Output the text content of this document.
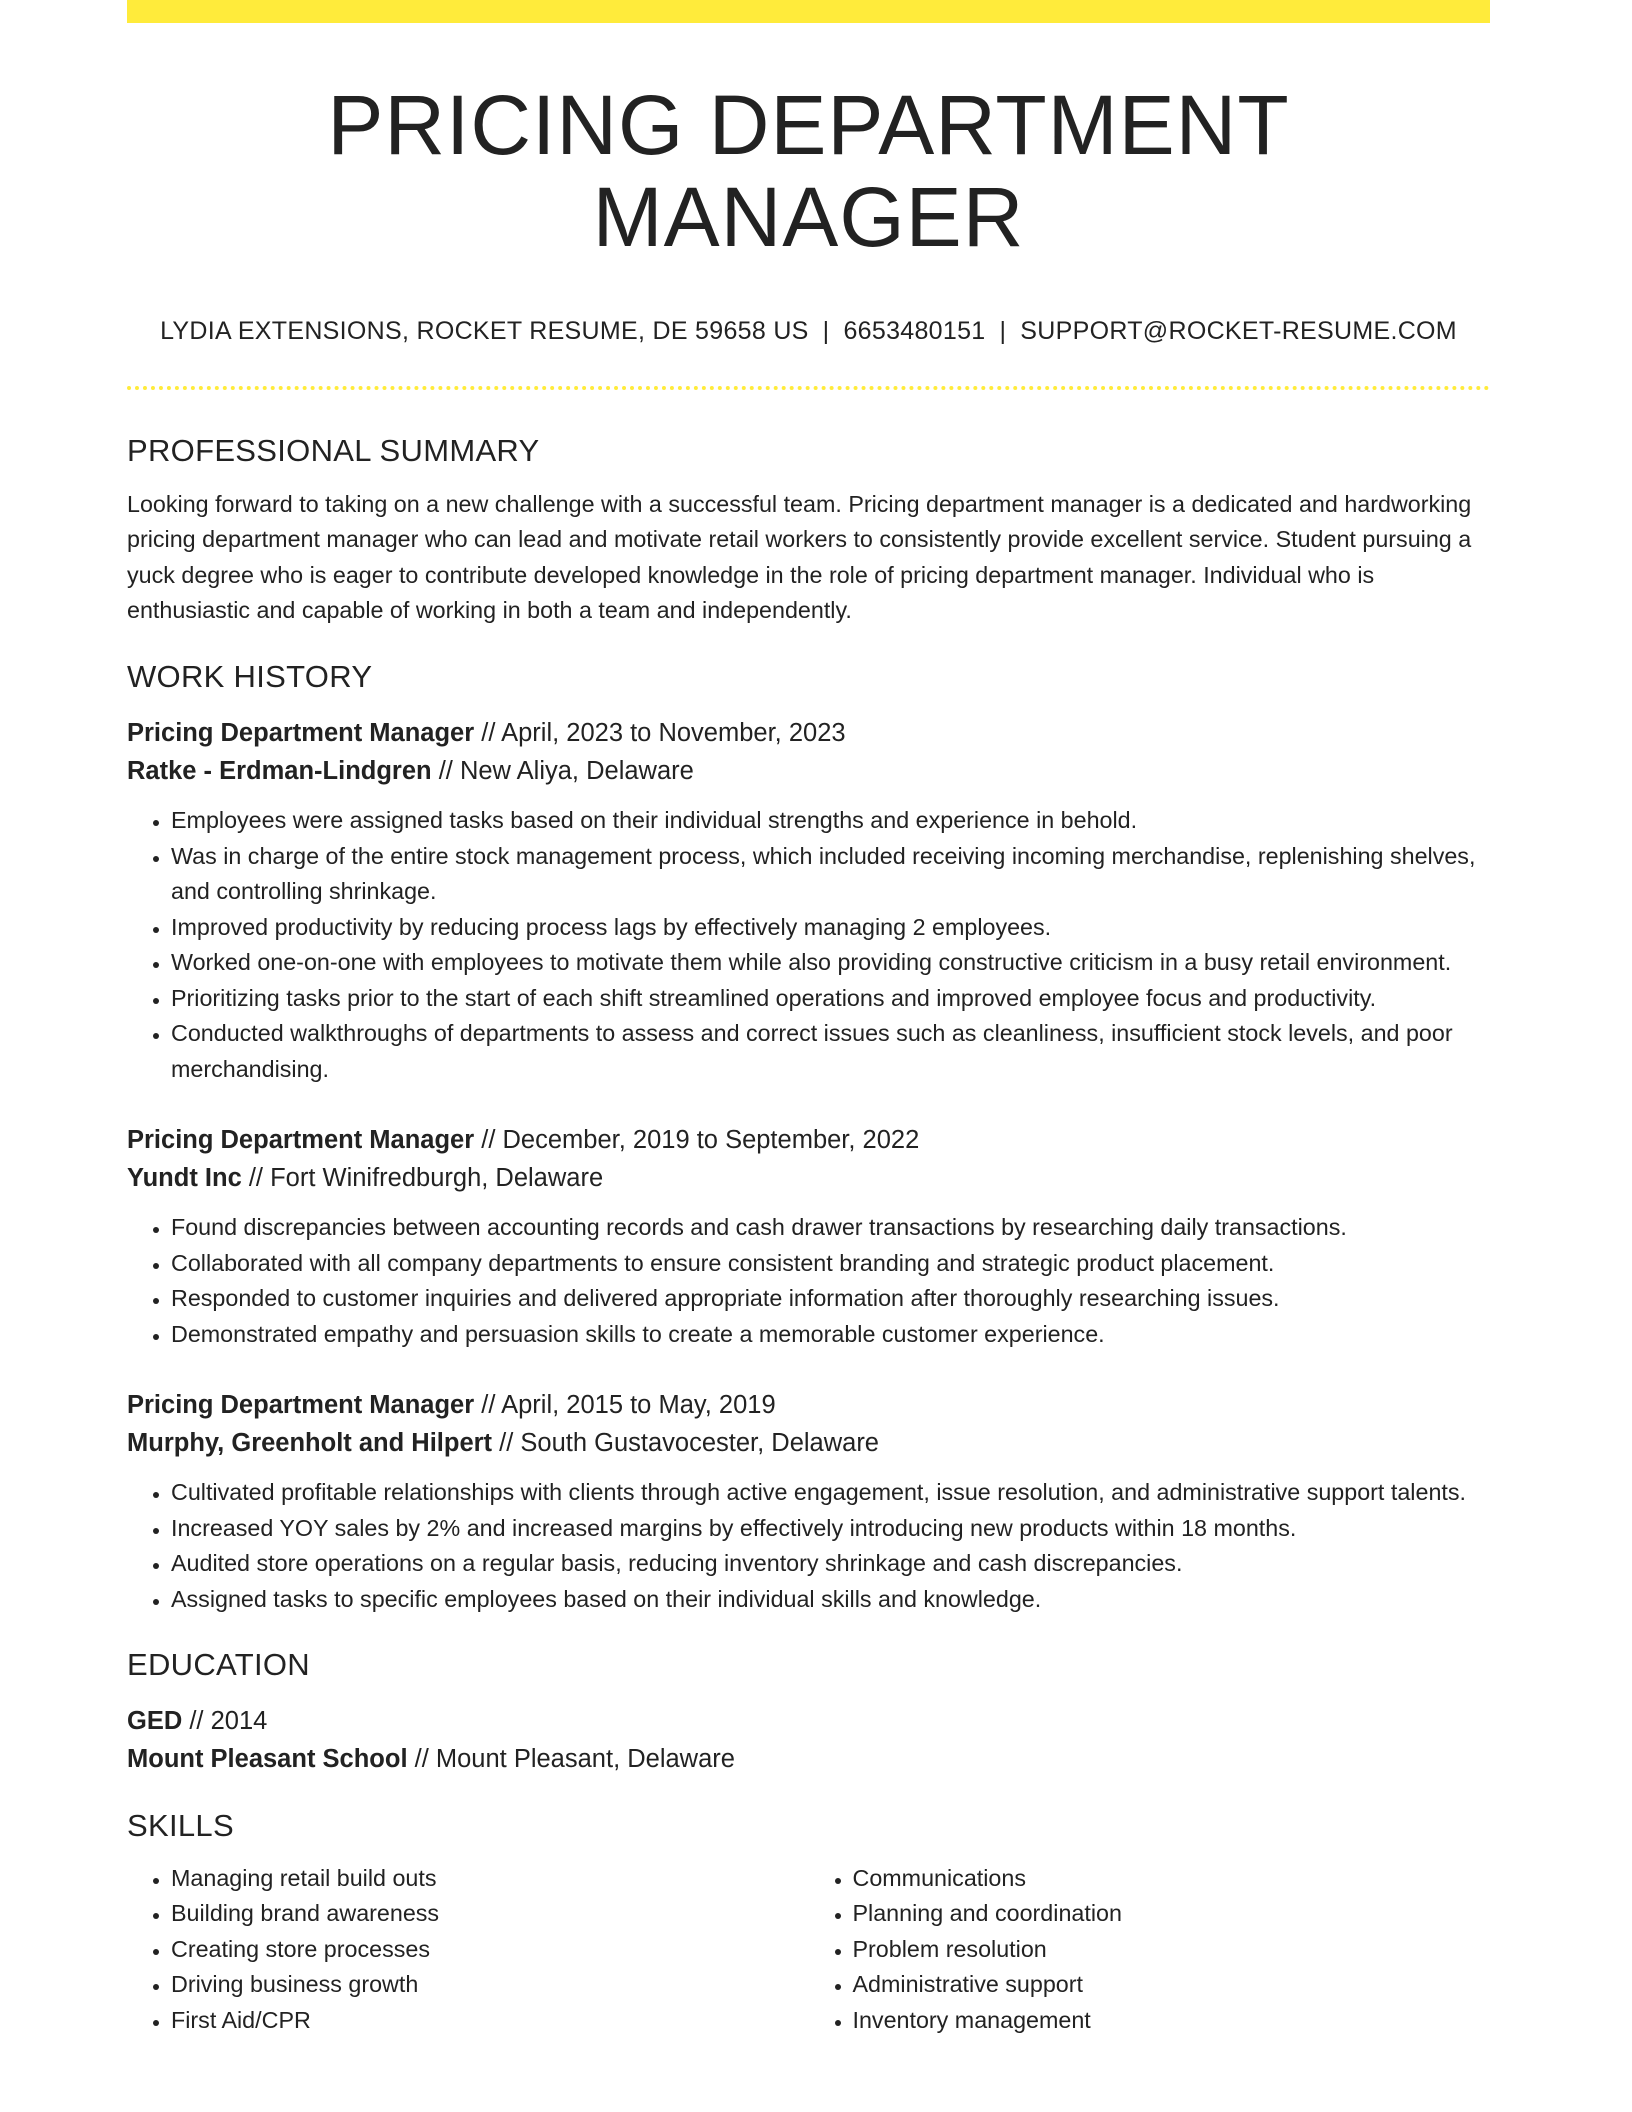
PRICING DEPARTMENT MANAGER
LYDIA EXTENSIONS, ROCKET RESUME, DE 59658 US | 6653480151 | SUPPORT@ROCKET-RESUME.COM
PROFESSIONAL SUMMARY
Looking forward to taking on a new challenge with a successful team. Pricing department manager is a dedicated and hardworking pricing department manager who can lead and motivate retail workers to consistently provide excellent service. Student pursuing a yuck degree who is eager to contribute developed knowledge in the role of pricing department manager. Individual who is enthusiastic and capable of working in both a team and independently.
WORK HISTORY
Pricing Department Manager // April, 2023 to November, 2023
Ratke - Erdman-Lindgren // New Aliya, Delaware
• Employees were assigned tasks based on their individual strengths and experience in behold.
• Was in charge of the entire stock management process, which included receiving incoming merchandise, replenishing shelves, and controlling shrinkage.
• Improved productivity by reducing process lags by effectively managing 2 employees.
• Worked one-on-one with employees to motivate them while also providing constructive criticism in a busy retail environment.
• Prioritizing tasks prior to the start of each shift streamlined operations and improved employee focus and productivity.
• Conducted walkthroughs of departments to assess and correct issues such as cleanliness, insufficient stock levels, and poor merchandising.
Pricing Department Manager // December, 2019 to September, 2022
Yundt Inc // Fort Winifredburgh, Delaware
• Found discrepancies between accounting records and cash drawer transactions by researching daily transactions.
• Collaborated with all company departments to ensure consistent branding and strategic product placement.
• Responded to customer inquiries and delivered appropriate information after thoroughly researching issues.
• Demonstrated empathy and persuasion skills to create a memorable customer experience.
Pricing Department Manager // April, 2015 to May, 2019
Murphy, Greenholt and Hilpert // South Gustavocester, Delaware
• Cultivated profitable relationships with clients through active engagement, issue resolution, and administrative support talents.
• Increased YOY sales by 2% and increased margins by effectively introducing new products within 18 months.
• Audited store operations on a regular basis, reducing inventory shrinkage and cash discrepancies.
• Assigned tasks to specific employees based on their individual skills and knowledge.
EDUCATION
GED // 2014
Mount Pleasant School // Mount Pleasant, Delaware
SKILLS
• Managing retail build outs
• Building brand awareness
• Creating store processes
• Driving business growth
• First Aid/CPR
• Communications
• Planning and coordination
• Problem resolution
• Administrative support
• Inventory management
